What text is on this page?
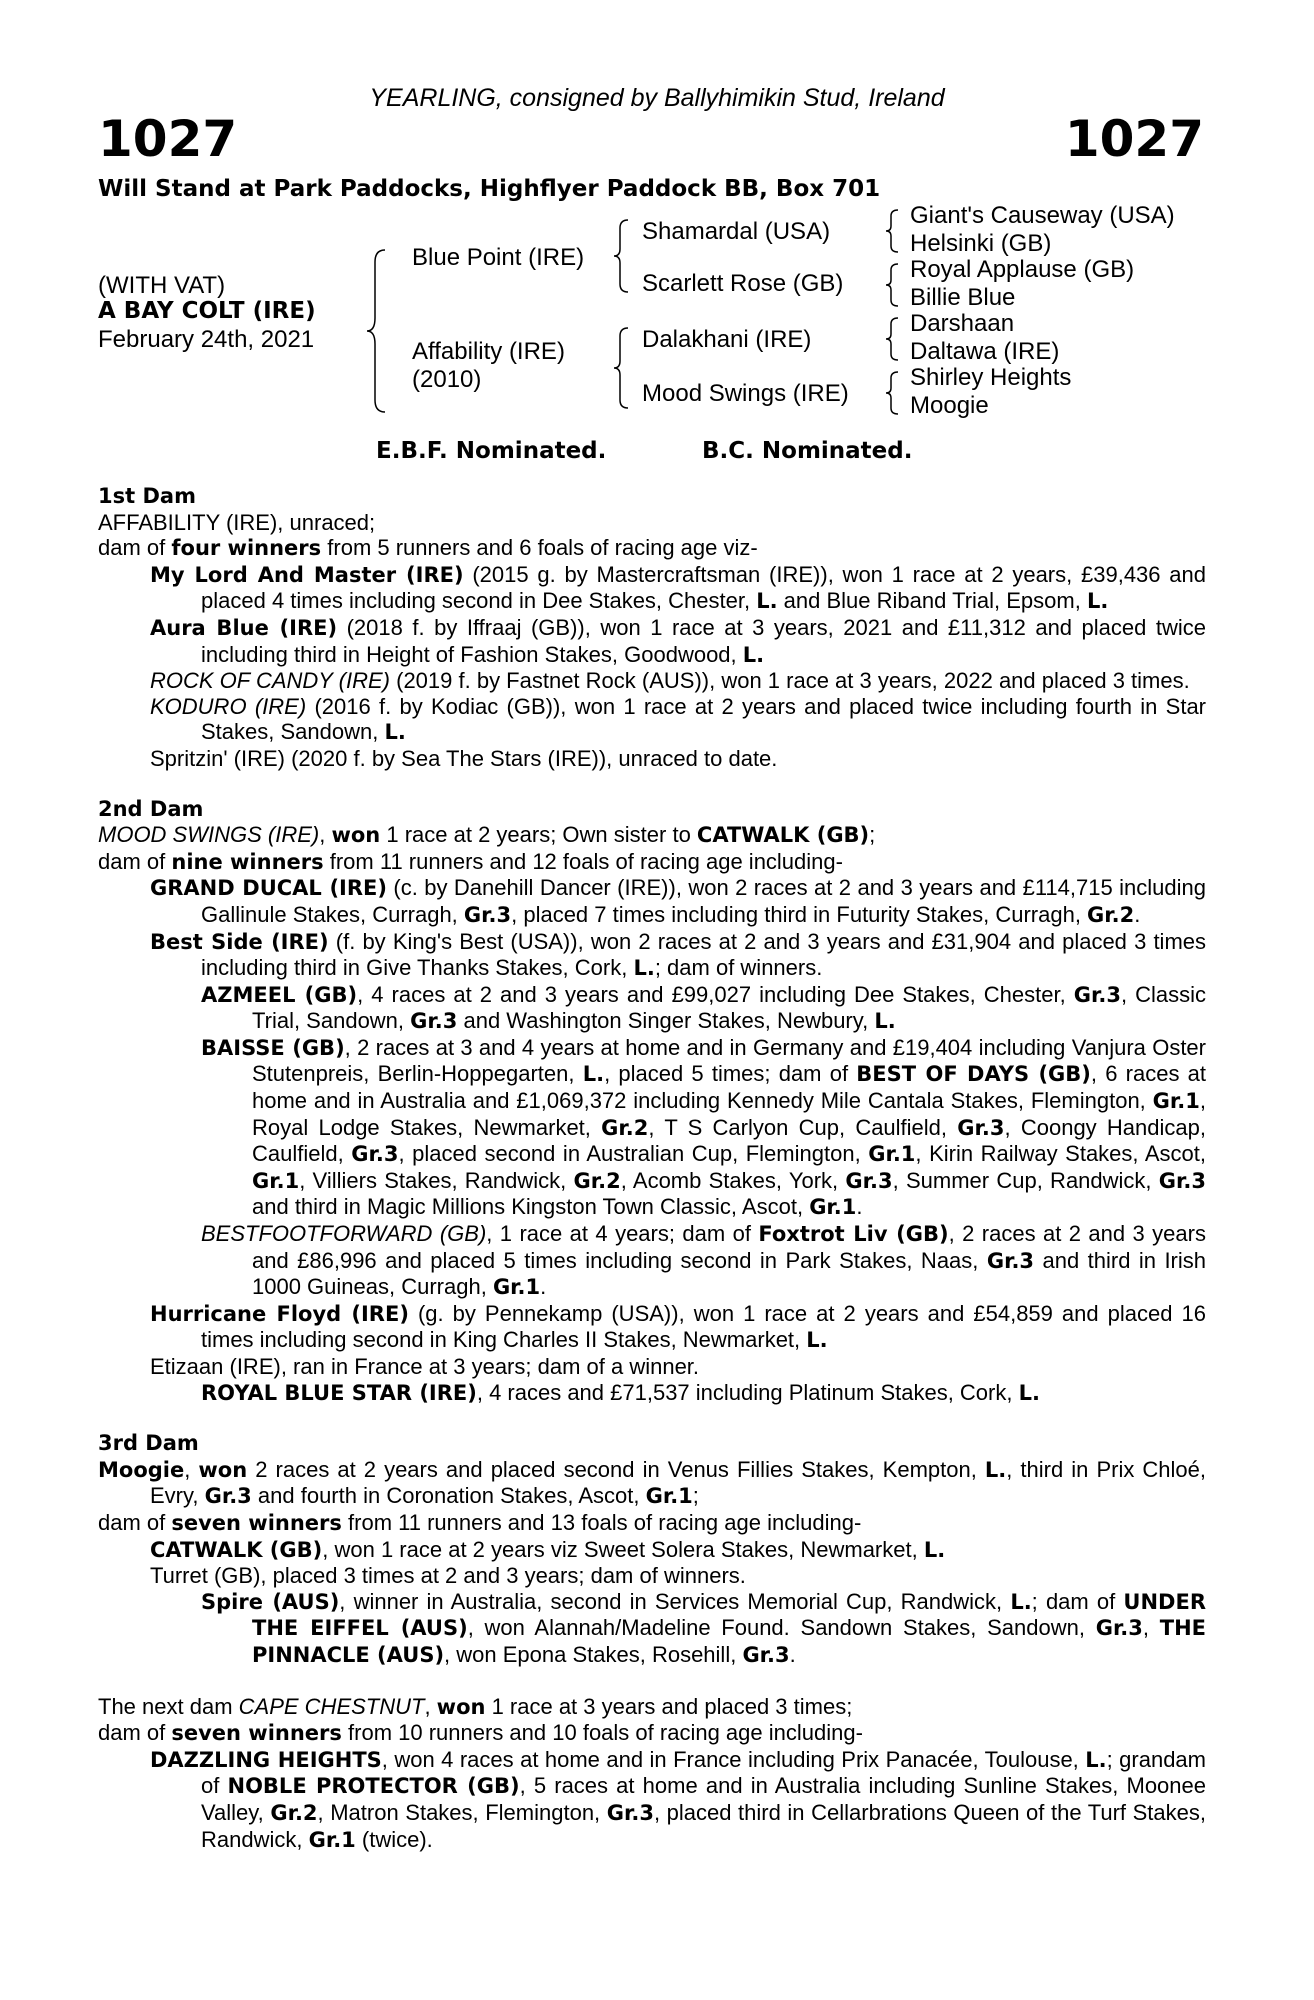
YEARLING, consigned by Ballyhimikin Stud, Ireland
1027	1027
Will Stand at Park Paddocks, Highflyer Paddock BB, Box 701
(WITH VAT)
A BAY COLT (IRE)
February 24th, 2021
Blue Point (IRE)
Affability (IRE)
(2010)
Shamardal (USA)
Scarlett Rose (GB)
Dalakhani (IRE)
Mood Swings (IRE)
Giant's Causeway (USA)
Helsinki (GB)
Royal Applause (GB)
Billie Blue
Darshaan
Daltawa (IRE)
Shirley Heights
Moogie
E.B.F. Nominated.	B.C. Nominated.

1st Dam

AFFABILITY (IRE), unraced;

dam of four winners from 5 runners and 6 foals of racing age viz-

My Lord And Master (IRE) (2015 g. by Mastercraftsman (IRE)), won 1 race at 2 years, £39,436 and placed 4 times including second in Dee Stakes, Chester, L. and Blue Riband Trial, Epsom, L.

Aura Blue (IRE) (2018 f. by Iffraaj (GB)), won 1 race at 3 years, 2021 and £11,312 and placed twice including third in Height of Fashion Stakes, Goodwood, L.

ROCK OF CANDY (IRE) (2019 f. by Fastnet Rock (AUS)), won 1 race at 3 years, 2022 and placed 3 times.

KODURO (IRE) (2016 f. by Kodiac (GB)), won 1 race at 2 years and placed twice including fourth in Star Stakes, Sandown, L.

Spritzin' (IRE) (2020 f. by Sea The Stars (IRE)), unraced to date.

2nd Dam

MOOD SWINGS (IRE), won 1 race at 2 years; Own sister to CATWALK (GB);

dam of nine winners from 11 runners and 12 foals of racing age including-

GRAND DUCAL (IRE) (c. by Danehill Dancer (IRE)), won 2 races at 2 and 3 years and £114,715 including Gallinule Stakes, Curragh, Gr.3, placed 7 times including third in Futurity Stakes, Curragh, Gr.2.

Best Side (IRE) (f. by King's Best (USA)), won 2 races at 2 and 3 years and £31,904 and placed 3 times including third in Give Thanks Stakes, Cork, L.; dam of winners.

AZMEEL (GB), 4 races at 2 and 3 years and £99,027 including Dee Stakes, Chester, Gr.3, Classic Trial, Sandown, Gr.3 and Washington Singer Stakes, Newbury, L.

BAISSE (GB), 2 races at 3 and 4 years at home and in Germany and £19,404 including Vanjura Oster Stutenpreis, Berlin-Hoppegarten, L., placed 5 times; dam of BEST OF DAYS (GB), 6 races at home and in Australia and £1,069,372 including Kennedy Mile Cantala Stakes, Flemington, Gr.1, Royal Lodge Stakes, Newmarket, Gr.2, T S Carlyon Cup, Caulfield, Gr.3, Coongy Handicap, Caulfield, Gr.3, placed second in Australian Cup, Flemington, Gr.1, Kirin Railway Stakes, Ascot, Gr.1, Villiers Stakes, Randwick, Gr.2, Acomb Stakes, York, Gr.3, Summer Cup, Randwick, Gr.3 and third in Magic Millions Kingston Town Classic, Ascot, Gr.1.

BESTFOOTFORWARD (GB), 1 race at 4 years; dam of Foxtrot Liv (GB), 2 races at 2 and 3 years and £86,996 and placed 5 times including second in Park Stakes, Naas, Gr.3 and third in Irish 1000 Guineas, Curragh, Gr.1.

Hurricane Floyd (IRE) (g. by Pennekamp (USA)), won 1 race at 2 years and £54,859 and placed 16 times including second in King Charles II Stakes, Newmarket, L.

Etizaan (IRE), ran in France at 3 years; dam of a winner.

ROYAL BLUE STAR (IRE), 4 races and £71,537 including Platinum Stakes, Cork, L.

3rd Dam

Moogie, won 2 races at 2 years and placed second in Venus Fillies Stakes, Kempton, L., third in Prix Chloé, Evry, Gr.3 and fourth in Coronation Stakes, Ascot, Gr.1;

dam of seven winners from 11 runners and 13 foals of racing age including-

CATWALK (GB), won 1 race at 2 years viz Sweet Solera Stakes, Newmarket, L.

Turret (GB), placed 3 times at 2 and 3 years; dam of winners.

Spire (AUS), winner in Australia, second in Services Memorial Cup, Randwick, L.; dam of UNDER THE EIFFEL (AUS), won Alannah/Madeline Found. Sandown Stakes, Sandown, Gr.3, THE PINNACLE (AUS), won Epona Stakes, Rosehill, Gr.3.

The next dam CAPE CHESTNUT, won 1 race at 3 years and placed 3 times;

dam of seven winners from 10 runners and 10 foals of racing age including-

DAZZLING HEIGHTS, won 4 races at home and in France including Prix Panacée, Toulouse, L.; grandam of NOBLE PROTECTOR (GB), 5 races at home and in Australia including Sunline Stakes, Moonee Valley, Gr.2, Matron Stakes, Flemington, Gr.3, placed third in Cellarbrations Queen of the Turf Stakes, Randwick, Gr.1 (twice).
